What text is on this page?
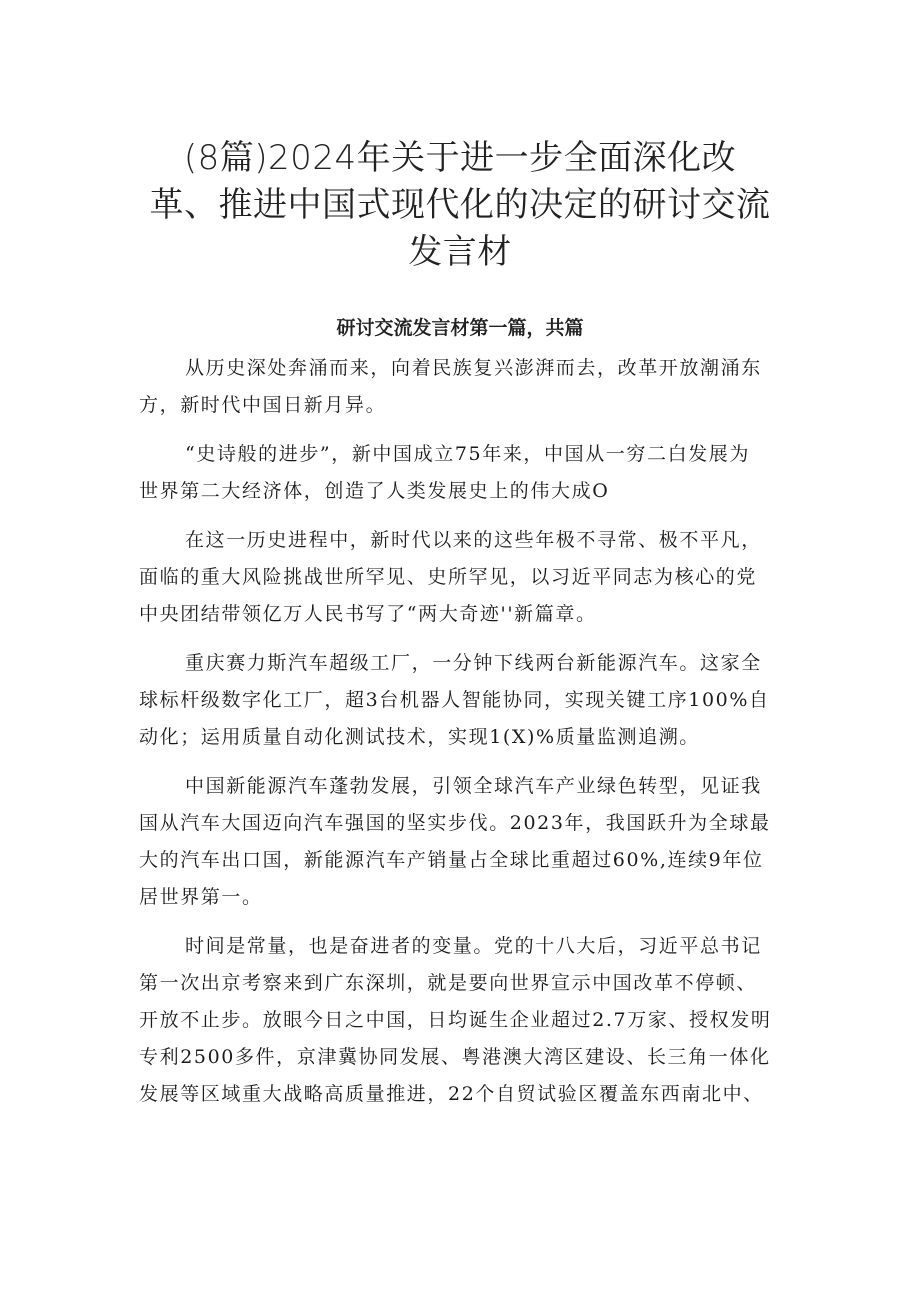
(8篇)2024年关于进一步全面深化改
革、推进中国式现代化的决定的研讨交流
发言材
研讨交流发言材第一篇，共篇
从历史深处奔涌而来，向着民族复兴澎湃而去，改革开放潮涌东
方，新时代中国日新月异。
“史诗般的进步”，新中国成立75年来，中国从一穷二白发展为
世界第二大经济体，创造了人类发展史上的伟大成O
在这一历史进程中，新时代以来的这些年极不寻常、极不平凡，
面临的重大风险挑战世所罕见、史所罕见，以习近平同志为核心的党
中央团结带领亿万人民书写了“两大奇迹''新篇章。
重庆赛力斯汽车超级工厂，一分钟下线两台新能源汽车。这家全
球标杆级数字化工厂，超3台机器人智能协同，实现关键工序100%自
动化；运用质量自动化测试技术，实现1(X)%质量监测追溯。
中国新能源汽车蓬勃发展，引领全球汽车产业绿色转型，见证我
国从汽车大国迈向汽车强国的坚实步伐。2023年，我国跃升为全球最
大的汽车出口国，新能源汽车产销量占全球比重超过60%,连续9年位
居世界第一。
时间是常量，也是奋进者的变量。党的十八大后，习近平总书记
第一次出京考察来到广东深圳，就是要向世界宣示中国改革不停顿、
开放不止步。放眼今日之中国，日均诞生企业超过2.7万家、授权发明
专利2500多件，京津冀协同发展、粤港澳大湾区建设、长三角一体化
发展等区域重大战略高质量推进，22个自贸试验区覆盖东西南北中、
